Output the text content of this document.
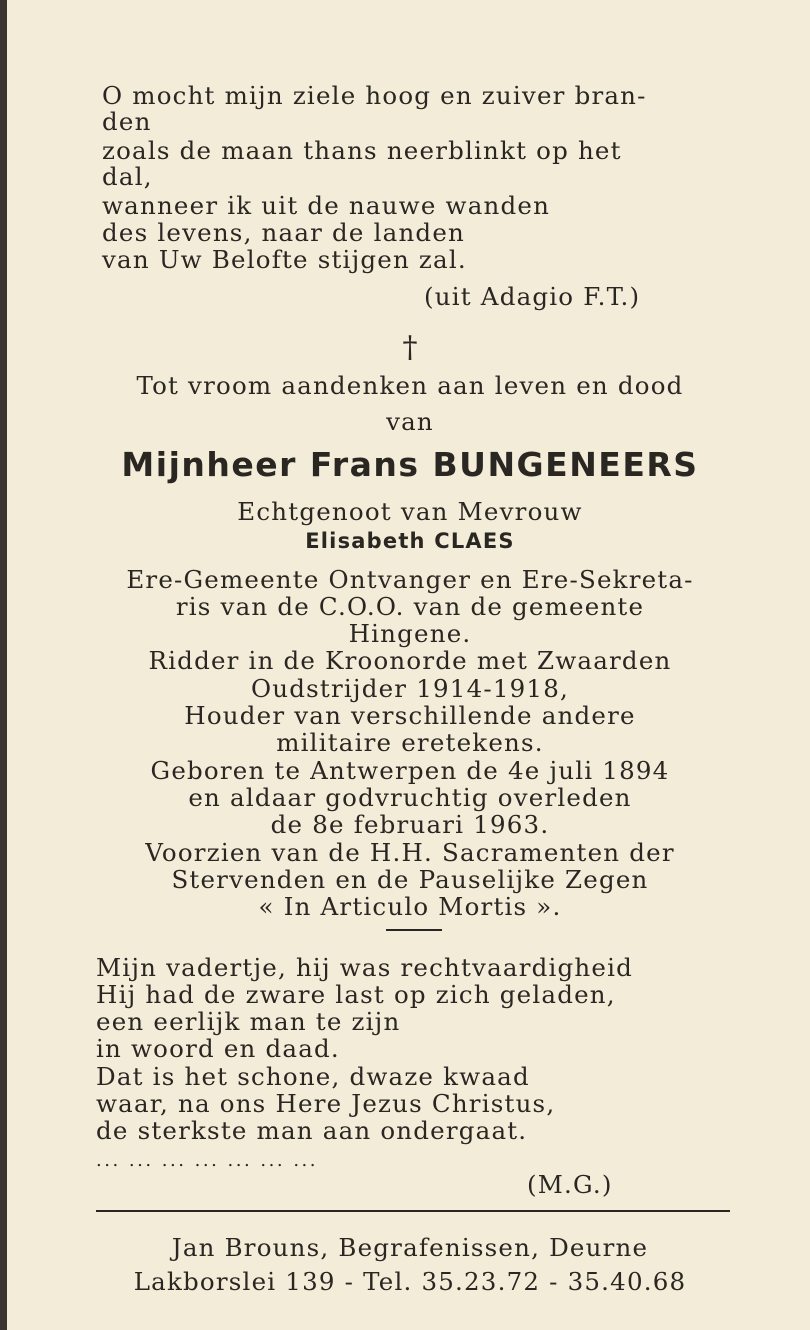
O mocht mijn ziele hoog en zuiver bran-
den
zoals de maan thans neerblinkt op het
dal,
wanneer ik uit de nauwe wanden
des levens, naar de landen
van Uw Belofte stijgen zal.
(uit Adagio F.T.)
†
Tot vroom aandenken aan leven en dood
van
Mijnheer Frans BUNGENEERS
Echtgenoot van Mevrouw
Elisabeth CLAES
Ere-Gemeente Ontvanger en Ere-Sekreta-
ris van de C.O.O. van de gemeente
Hingene.
Ridder in de Kroonorde met Zwaarden
Oudstrijder 1914-1918,
Houder van verschillende andere
militaire eretekens.
Geboren te Antwerpen de 4e juli 1894
en aldaar godvruchtig overleden
de 8e februari 1963.
Voorzien van de H.H. Sacramenten der
Stervenden en de Pauselijke Zegen
« In Articulo Mortis ».
Mijn vadertje, hij was rechtvaardigheid
Hij had de zware last op zich geladen,
een eerlijk man te zijn
in woord en daad.
Dat is het schone, dwaze kwaad
waar, na ons Here Jezus Christus,
de sterkste man aan ondergaat.
... ... ... ... ... ... ...
(M.G.)
Jan Brouns, Begrafenissen, Deurne
Lakborslei 139 - Tel. 35.23.72 - 35.40.68
